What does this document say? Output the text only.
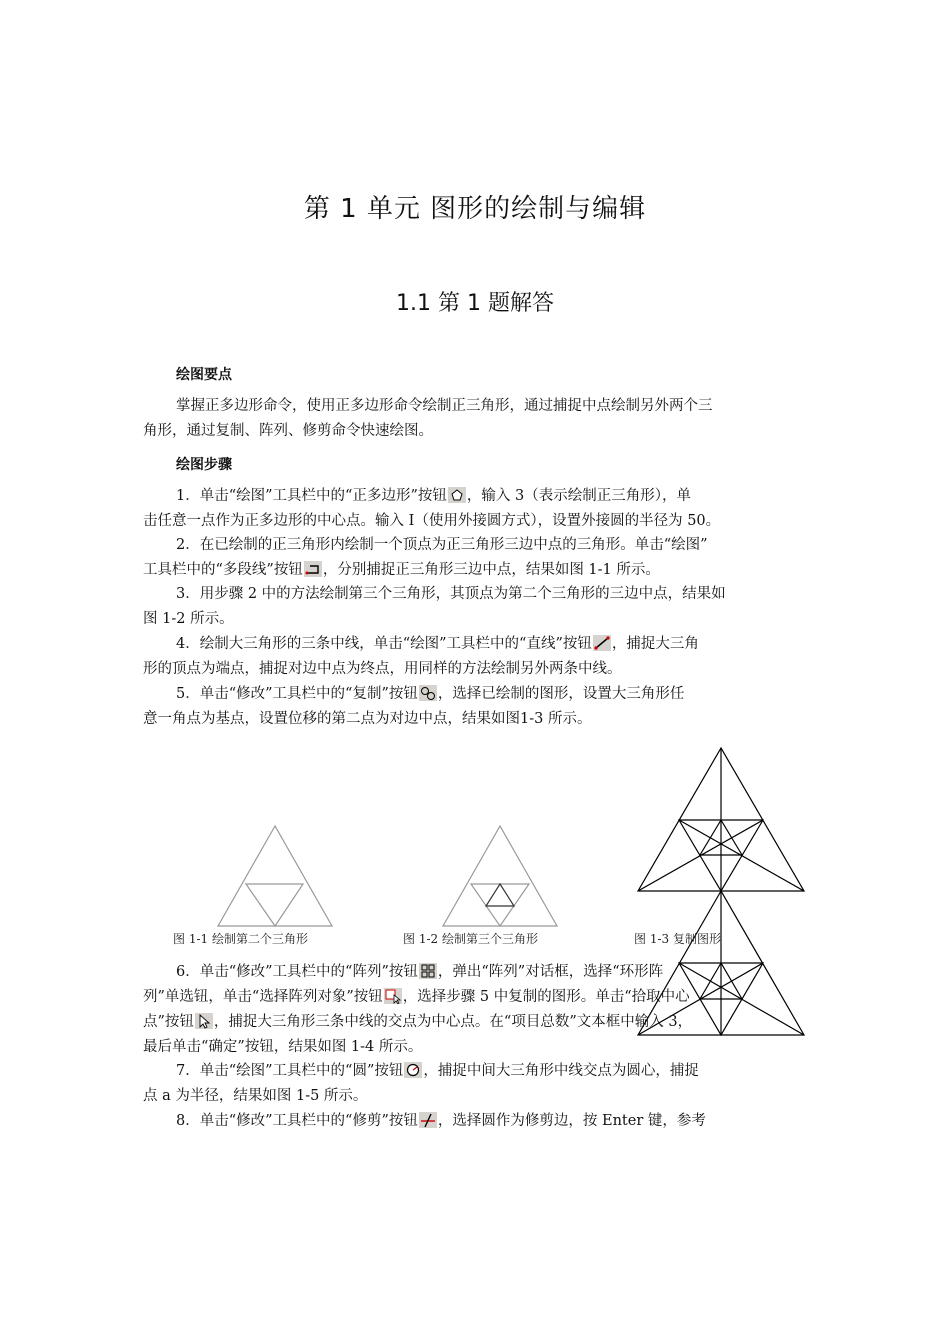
第 1 单元 图形的绘制与编辑
1.1 第 1 题解答
绘图要点
掌握正多边形命令，使用正多边形命令绘制正三角形，通过捕捉中点绘制另外两个三
角形，通过复制、阵列、修剪命令快速绘图。
绘图步骤
1．单击“绘图”工具栏中的“正多边形”按钮 ，输入 3（表示绘制正三角形），单
击任意一点作为正多边形的中心点。输入 I（使用外接圆方式），设置外接圆的半径为 50。
2．在已绘制的正三角形内绘制一个顶点为正三角形三边中点的三角形。单击“绘图”
工具栏中的“多段线”按钮 ，分别捕捉正三角形三边中点，结果如图 1-1 所示。
3．用步骤 2 中的方法绘制第三个三角形，其顶点为第二个三角形的三边中点，结果如
图 1-2 所示。
4．绘制大三角形的三条中线，单击“绘图”工具栏中的“直线”按钮 ，捕捉大三角
形的顶点为端点，捕捉对边中点为终点，用同样的方法绘制另外两条中线。
5．单击“修改”工具栏中的“复制”按钮 ，选择已绘制的图形，设置大三角形任
意一角点为基点，设置位移的第二点为对边中点，结果如图1-3 所示。
图 1-1 绘制第二个三角形	图 1-2 绘制第三个三角形	图 1-3 复制图形
6．单击“修改”工具栏中的“阵列”按钮 ，弹出“阵列”对话框，选择“环形阵
列”单选钮，单击“选择阵列对象”按钮 ，选择步骤 5 中复制的图形。单击“拾取中心
点”按钮 ，捕捉大三角形三条中线的交点为中心点。在“项目总数”文本框中输入 3，
最后单击“确定”按钮，结果如图 1-4 所示。
7．单击“绘图”工具栏中的“圆”按钮 ，捕捉中间大三角形中线交点为圆心，捕捉
点 a 为半径，结果如图 1-5 所示。
8．单击“修改”工具栏中的“修剪”按钮 ，选择圆作为修剪边，按 Enter 键，参考
